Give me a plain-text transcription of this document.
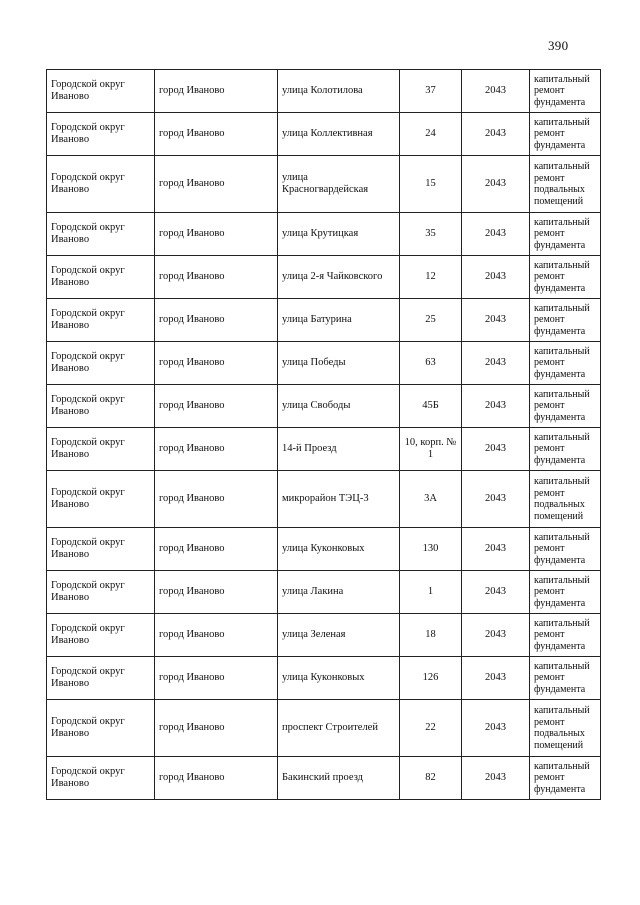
390
Городской округ Иваново	город Иваново	улица Колотилова	37	2043	капитальный ремонт фундамента
Городской округ Иваново	город Иваново	улица Коллективная	24	2043	капитальный ремонт фундамента
Городской округ Иваново	город Иваново	улица Красногвардейская	15	2043	капитальный ремонт подвальных помещений
Городской округ Иваново	город Иваново	улица Крутицкая	35	2043	капитальный ремонт фундамента
Городской округ Иваново	город Иваново	улица 2-я Чайковского	12	2043	капитальный ремонт фундамента
Городской округ Иваново	город Иваново	улица Батурина	25	2043	капитальный ремонт фундамента
Городской округ Иваново	город Иваново	улица Победы	63	2043	капитальный ремонт фундамента
Городской округ Иваново	город Иваново	улица Свободы	45Б	2043	капитальный ремонт фундамента
Городской округ Иваново	город Иваново	14-й Проезд	10, корп. № 1	2043	капитальный ремонт фундамента
Городской округ Иваново	город Иваново	микрорайон ТЭЦ-3	3А	2043	капитальный ремонт подвальных помещений
Городской округ Иваново	город Иваново	улица Куконковых	130	2043	капитальный ремонт фундамента
Городской округ Иваново	город Иваново	улица Лакина	1	2043	капитальный ремонт фундамента
Городской округ Иваново	город Иваново	улица Зеленая	18	2043	капитальный ремонт фундамента
Городской округ Иваново	город Иваново	улица Куконковых	126	2043	капитальный ремонт фундамента
Городской округ Иваново	город Иваново	проспект Строителей	22	2043	капитальный ремонт подвальных помещений
Городской округ Иваново	город Иваново	Бакинский проезд	82	2043	капитальный ремонт фундамента
